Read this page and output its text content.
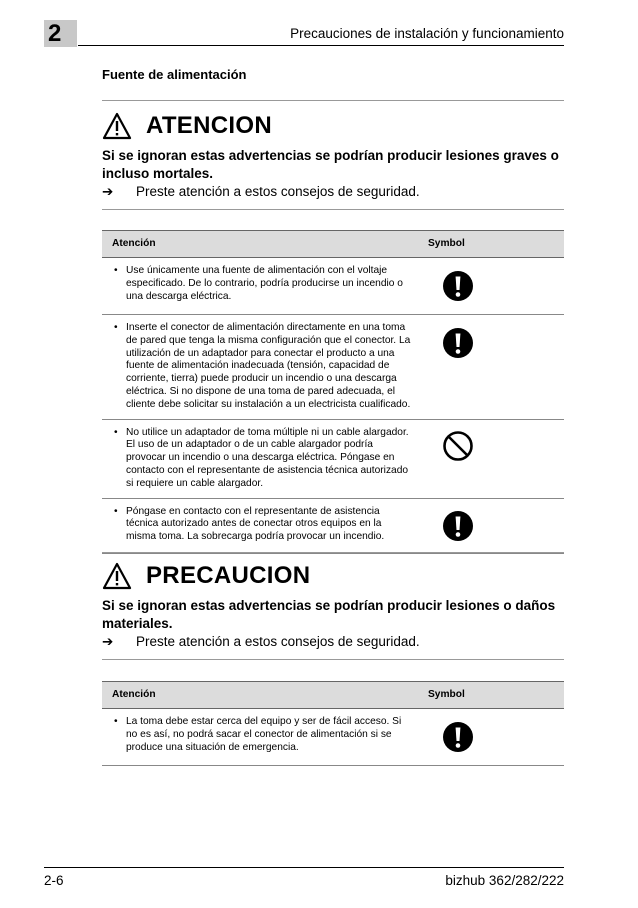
2	Precauciones de instalación y funcionamiento
Fuente de alimentación
ATENCION
Si se ignoran estas advertencias se podrían producir lesiones graves o incluso mortales.
➔	Preste atención a estos consejos de seguridad.
Atención	Symbol

• Use únicamente una fuente de alimentación con el voltaje especificado. De lo contrario, podría producirse un incendio o una descarga eléctrica.

• Inserte el conector de alimentación directamente en una toma de pared que tenga la misma configuración que el conector. La utilización de un adaptador para conectar el producto a una fuente de alimentación inadecuada (tensión, capacidad de corriente, tierra) puede producir un incendio o una descarga eléctrica. Si no dispone de una toma de pared adecuada, el cliente debe solicitar su instalación a un electricista cualificado.

• No utilice un adaptador de toma múltiple ni un cable alargador. El uso de un adaptador o de un cable alargador podría provocar un incendio o una descarga eléctrica. Póngase en contacto con el representante de asistencia técnica autorizado si requiere un cable alargador.

• Póngase en contacto con el representante de asistencia técnica autorizado antes de conectar otros equipos en la misma toma. La sobrecarga podría provocar un incendio.

PRECAUCION
Si se ignoran estas advertencias se podrían producir lesiones o daños materiales.
➔	Preste atención a estos consejos de seguridad.
Atención	Symbol

• La toma debe estar cerca del equipo y ser de fácil acceso. Si no es así, no podrá sacar el conector de alimentación si se produce una situación de emergencia.

2-6	bizhub 362/282/222
